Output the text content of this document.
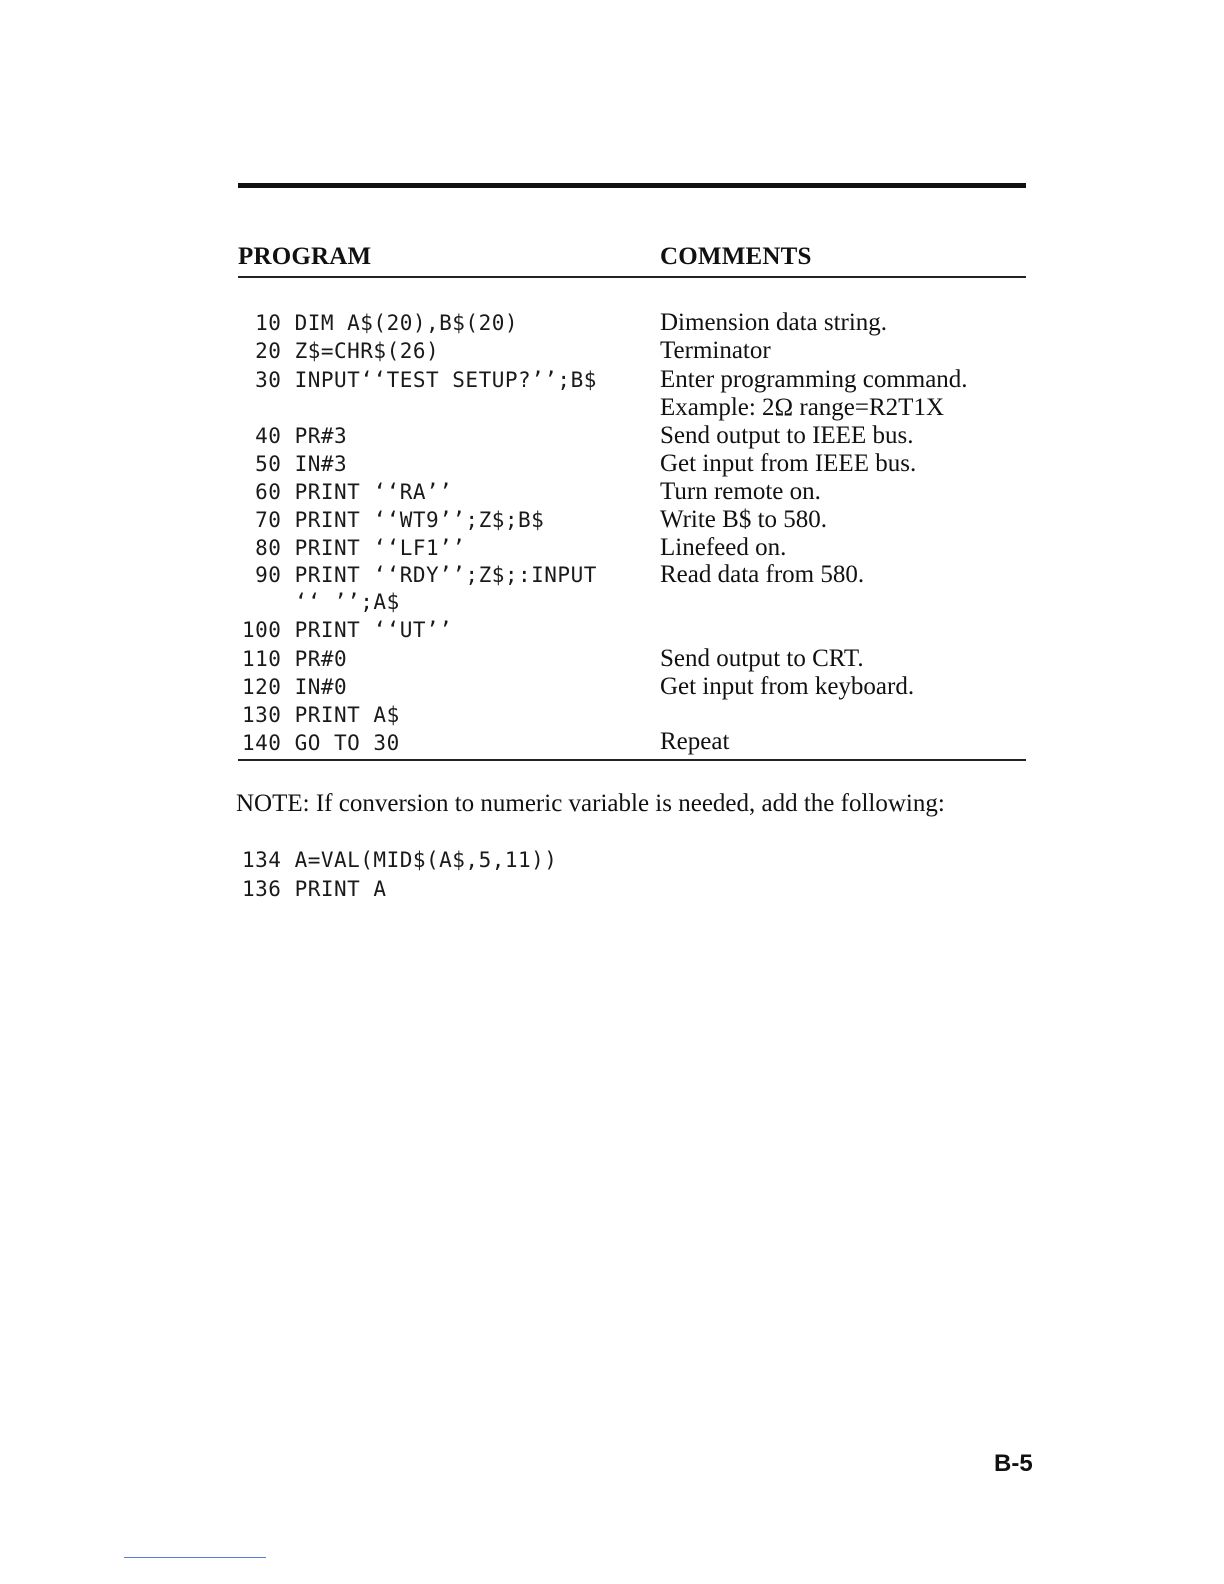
PROGRAM	COMMENTS
10 DIM A$(20),B$(20)	Dimension data string.
20 Z$=CHR$(26)	Terminator
30 INPUT‘‘TEST SETUP?’’;B$	Enter programming command.
Example: 2Ω range=R2T1X
40 PR#3	Send output to IEEE bus.
50 IN#3	Get input from IEEE bus.
60 PRINT ‘‘RA’’	Turn remote on.
70 PRINT ‘‘WT9’’;Z$;B$	Write B$ to 580.
80 PRINT ‘‘LF1’’	Linefeed on.
90 PRINT ‘‘RDY’’;Z$;:INPUT	Read data from 580.
‘‘ ’’;A$
100 PRINT ‘‘UT’’
110 PR#0	Send output to CRT.
120 IN#0	Get input from keyboard.
130 PRINT A$
140 GO TO 30	Repeat
NOTE: If conversion to numeric variable is needed, add the following:
134 A=VAL(MID$(A$,5,11))
136 PRINT A
B-5
